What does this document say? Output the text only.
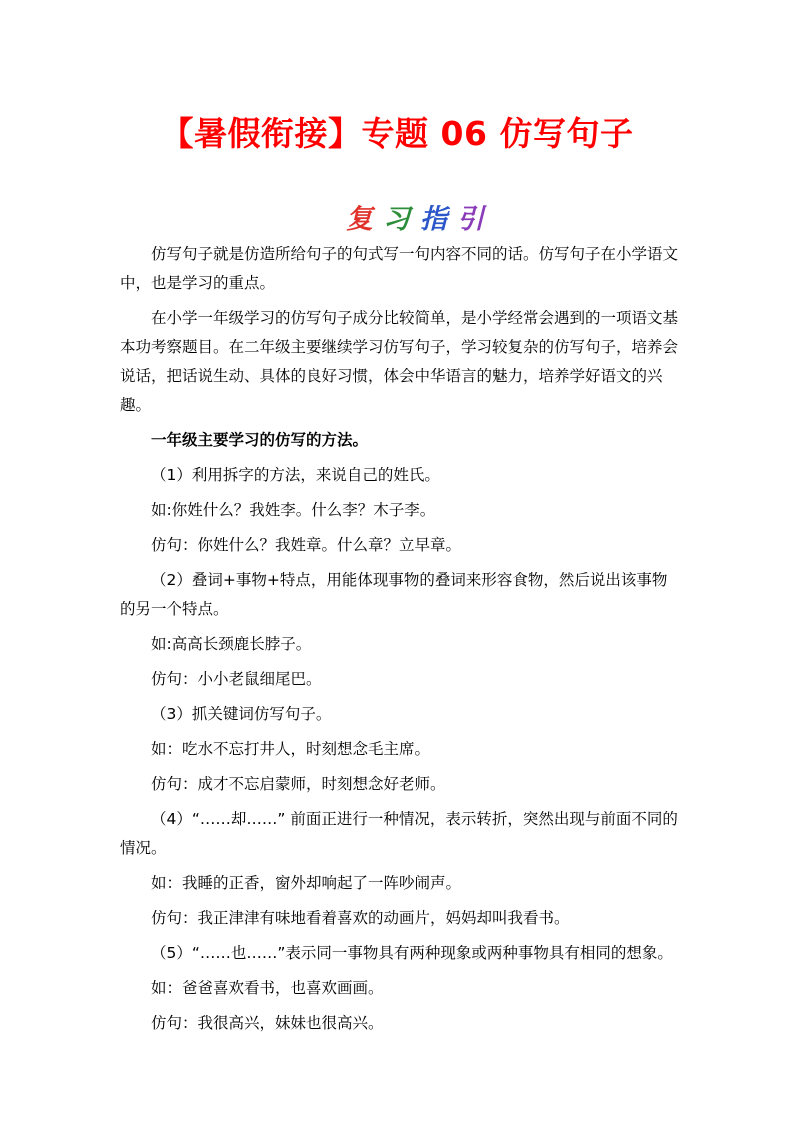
【暑假衔接】专题 06 仿写句子
复习指引

仿写句子就是仿造所给句子的句式写一句内容不同的话。仿写句子在小学语文中，也是学习的重点。

在小学一年级学习的仿写句子成分比较简单，是小学经常会遇到的一项语文基本功考察题目。在二年级主要继续学习仿写句子，学习较复杂的仿写句子，培养会说话，把话说生动、具体的良好习惯，体会中华语言的魅力，培养学好语文的兴趣。

一年级主要学习的仿写的方法。

（1）利用拆字的方法，来说自己的姓氏。

如:你姓什么？我姓李。什么李？木子李。

仿句：你姓什么？我姓章。什么章？立早章。

（2）叠词+事物+特点，用能体现事物的叠词来形容食物，然后说出该事物的另一个特点。

如:高高长颈鹿长脖子。

仿句：小小老鼠细尾巴。

（3）抓关键词仿写句子。

如：吃水不忘打井人，时刻想念毛主席。

仿句：成才不忘启蒙师，时刻想念好老师。

（4）“……却……” 前面正进行一种情况，表示转折，突然出现与前面不同的情况。

如：我睡的正香，窗外却响起了一阵吵闹声。

仿句：我正津津有味地看着喜欢的动画片，妈妈却叫我看书。

（5）“……也……”表示同一事物具有两种现象或两种事物具有相同的想象。

如：爸爸喜欢看书，也喜欢画画。

仿句：我很高兴，妹妹也很高兴。
